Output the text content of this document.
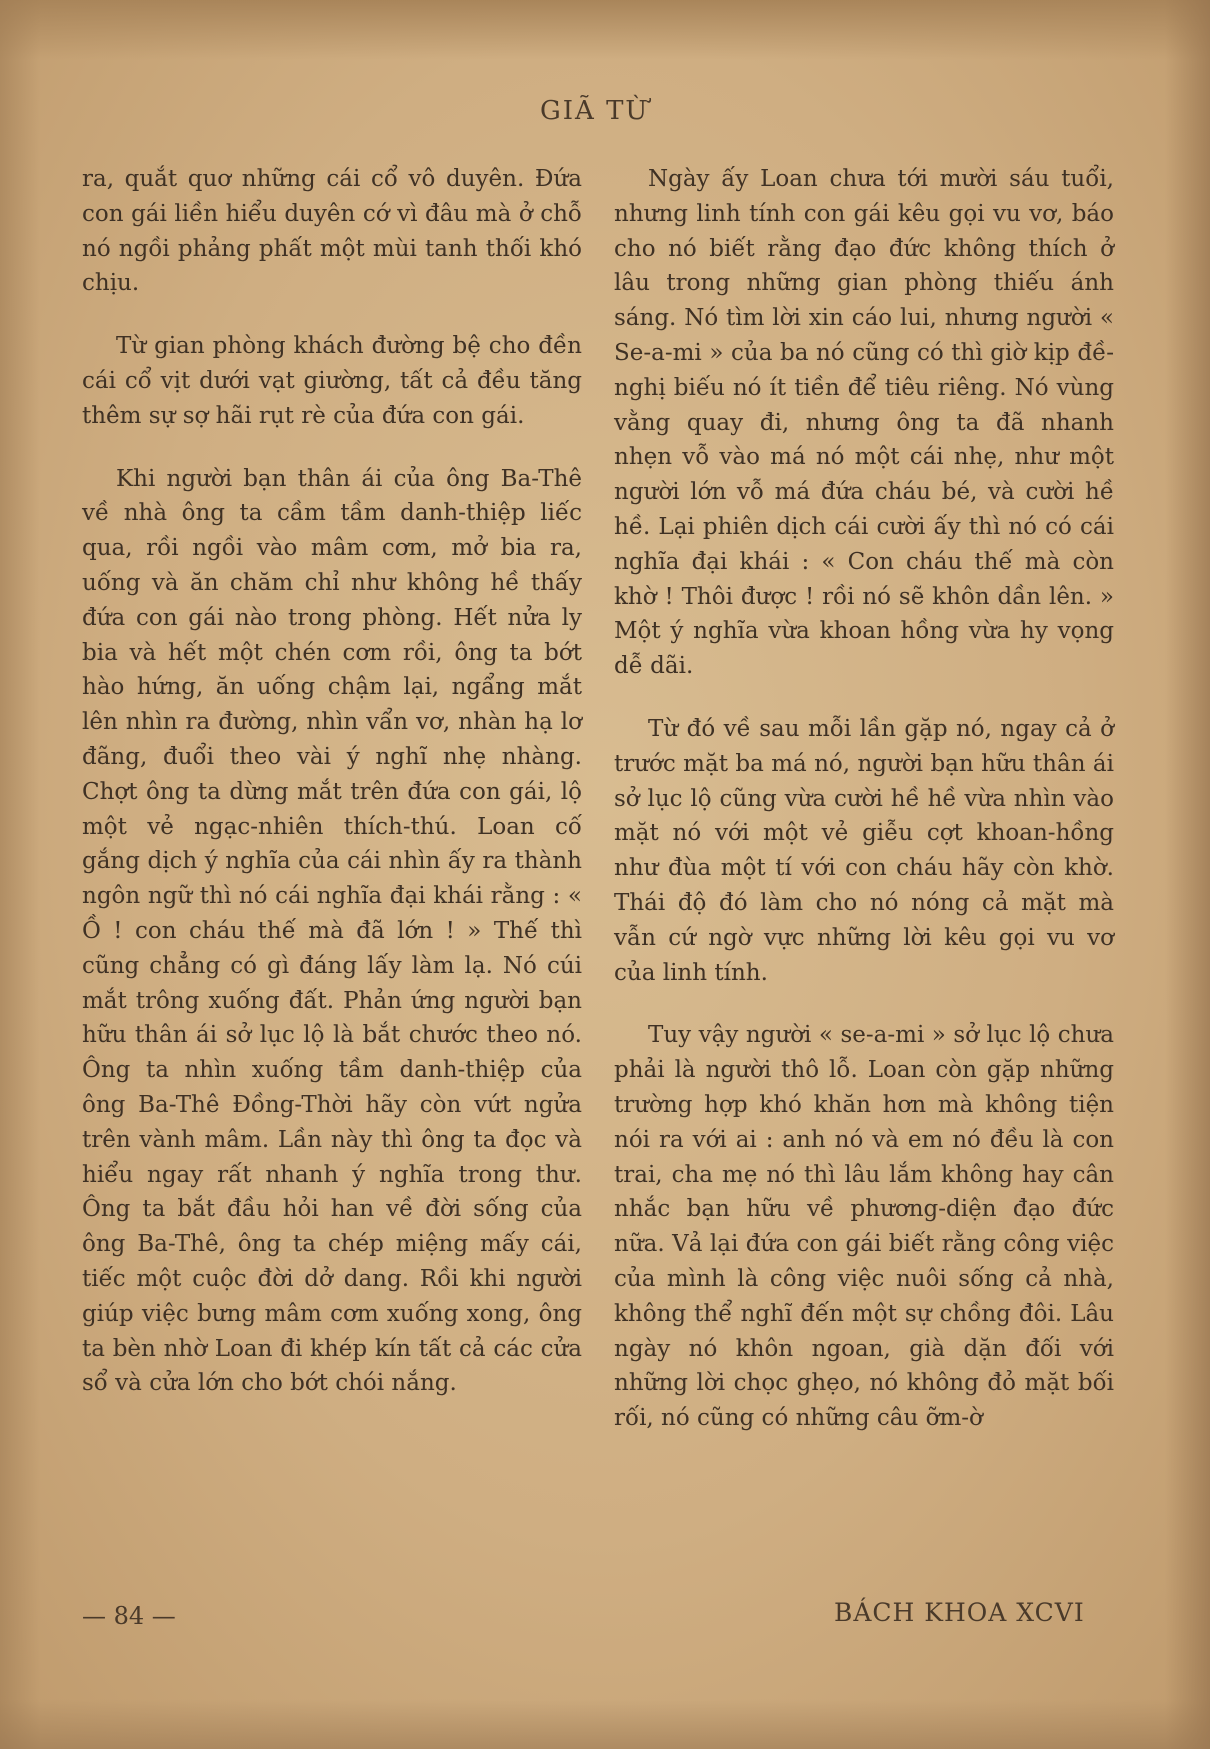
GIÃ TỪ

ra, quắt quơ những cái cổ vô duyên. Đứa con gái liền hiểu duyên cớ vì đâu mà ở chỗ nó ngồi phảng phất một mùi tanh thối khó chịu.

Từ gian phòng khách đường bệ cho đền cái cổ vịt dưới vạt giường, tất cả đều tăng thêm sự sợ hãi rụt rè của đứa con gái.

Khi người bạn thân ái của ông Ba-Thê về nhà ông ta cầm tầm danh-thiệp liếc qua, rồi ngồi vào mâm cơm, mở bia ra, uống và ăn chăm chỉ như không hề thấy đứa con gái nào trong phòng. Hết nửa ly bia và hết một chén cơm rồi, ông ta bớt hào hứng, ăn uống chậm lại, ngẩng mắt lên nhìn ra đường, nhìn vẩn vơ, nhàn hạ lơ đãng, đuổi theo vài ý nghĩ nhẹ nhàng. Chợt ông ta dừng mắt trên đứa con gái, lộ một vẻ ngạc-nhiên thích-thú. Loan cố gắng dịch ý nghĩa của cái nhìn ấy ra thành ngôn ngữ thì nó cái nghĩa đại khái rằng : « Ồ ! con cháu thế mà đã lớn ! » Thế thì cũng chẳng có gì đáng lấy làm lạ. Nó cúi mắt trông xuống đất. Phản ứng người bạn hữu thân ái sở lục lộ là bắt chước theo nó. Ông ta nhìn xuống tầm danh-thiệp của ông Ba-Thê Đồng-Thời hãy còn vứt ngửa trên vành mâm. Lần này thì ông ta đọc và hiểu ngay rất nhanh ý nghĩa trong thư. Ông ta bắt đầu hỏi han về đời sống của ông Ba-Thê, ông ta chép miệng mấy cái, tiếc một cuộc đời dở dang. Rồi khi người giúp việc bưng mâm cơm xuống xong, ông ta bèn nhờ Loan đi khép kín tất cả các cửa sổ và cửa lớn cho bớt chói nắng.

Ngày ấy Loan chưa tới mười sáu tuổi, nhưng linh tính con gái kêu gọi vu vơ, báo cho nó biết rằng đạo đức không thích ở lâu trong những gian phòng thiếu ánh sáng. Nó tìm lời xin cáo lui, nhưng người « Se-a-mi » của ba nó cũng có thì giờ kịp đề-nghị biếu nó ít tiền để tiêu riêng. Nó vùng vằng quay đi, nhưng ông ta đã nhanh nhẹn vỗ vào má nó một cái nhẹ, như một người lớn vỗ má đứa cháu bé, và cười hề hề. Lại phiên dịch cái cười ấy thì nó có cái nghĩa đại khái : « Con cháu thế mà còn khờ ! Thôi được ! rồi nó sẽ khôn dần lên. » Một ý nghĩa vừa khoan hồng vừa hy vọng dễ dãi.

Từ đó về sau mỗi lần gặp nó, ngay cả ở trước mặt ba má nó, người bạn hữu thân ái sở lục lộ cũng vừa cười hề hề vừa nhìn vào mặt nó với một vẻ giễu cợt khoan-hồng như đùa một tí với con cháu hãy còn khờ. Thái độ đó làm cho nó nóng cả mặt mà vẫn cứ ngờ vực những lời kêu gọi vu vơ của linh tính.

Tuy vậy người « se-a-mi » sở lục lộ chưa phải là người thô lỗ. Loan còn gặp những trường hợp khó khăn hơn mà không tiện nói ra với ai : anh nó và em nó đều là con trai, cha mẹ nó thì lâu lắm không hay cân nhắc bạn hữu về phương-diện đạo đức nữa. Vả lại đứa con gái biết rằng công việc của mình là công việc nuôi sống cả nhà, không thể nghĩ đến một sự chồng đôi. Lâu ngày nó khôn ngoan, già dặn đối với những lời chọc ghẹo, nó không đỏ mặt bối rối, nó cũng có những câu ỡm-ờ

— 84 —	BÁCH KHOA XCVI
